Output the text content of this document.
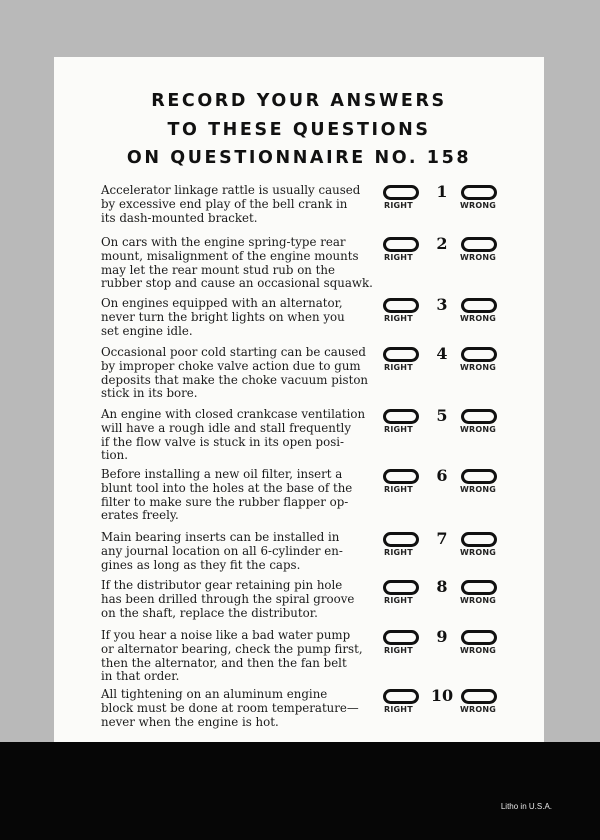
RECORD YOUR ANSWERS
TO THESE QUESTIONS
ON QUESTIONNAIRE NO. 158
Accelerator linkage rattle is usually caused
by excessive end play of the bell crank in
its dash-mounted bracket.
RIGHT
1
WRONG
On cars with the engine spring-type rear
mount, misalignment of the engine mounts
may let the rear mount stud rub on the
rubber stop and cause an occasional squawk.
RIGHT
2
WRONG
On engines equipped with an alternator,
never turn the bright lights on when you
set engine idle.
RIGHT
3
WRONG
Occasional poor cold starting can be caused
by improper choke valve action due to gum
deposits that make the choke vacuum piston
stick in its bore.
RIGHT
4
WRONG
An engine with closed crankcase ventilation
will have a rough idle and stall frequently
if the flow valve is stuck in its open posi-
tion.
RIGHT
5
WRONG
Before installing a new oil filter, insert a
blunt tool into the holes at the base of the
filter to make sure the rubber flapper op-
erates freely.
RIGHT
6
WRONG
Main bearing inserts can be installed in
any journal location on all 6-cylinder en-
gines as long as they fit the caps.
RIGHT
7
WRONG
If the distributor gear retaining pin hole
has been drilled through the spiral groove
on the shaft, replace the distributor.
RIGHT
8
WRONG
If you hear a noise like a bad water pump
or alternator bearing, check the pump first,
then the alternator, and then the fan belt
in that order.
RIGHT
9
WRONG
All tightening on an aluminum engine
block must be done at room temperature—
never when the engine is hot.
RIGHT
10
WRONG
Litho in U.S.A.
